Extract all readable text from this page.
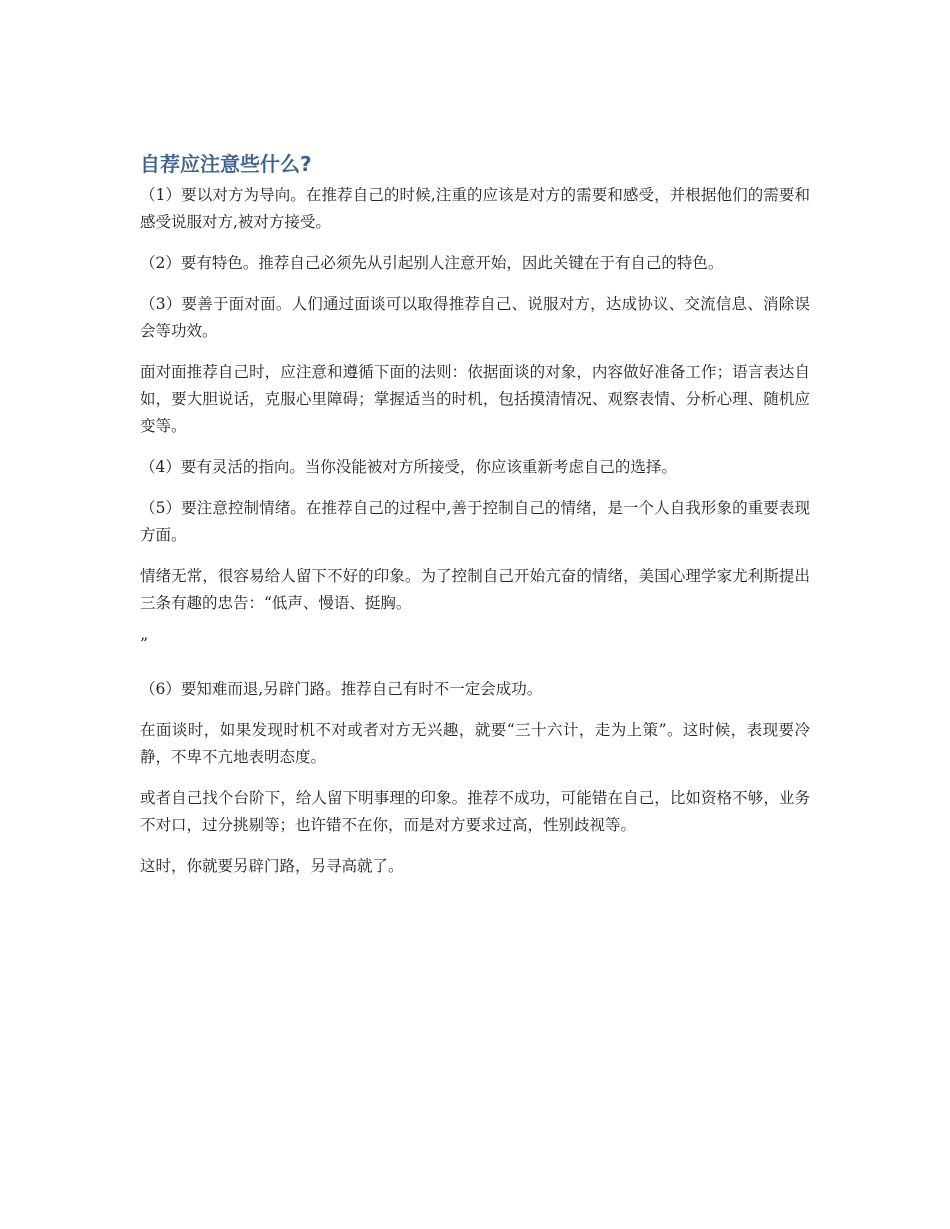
自荐应注意些什么?

（1）要以对方为导向。在推荐自己的时候,注重的应该是对方的需要和感受，并根据他们的需要和感受说服对方,被对方接受。

（2）要有特色。推荐自己必须先从引起别人注意开始，因此关键在于有自己的特色。

（3）要善于面对面。人们通过面谈可以取得推荐自己、说服对方，达成协议、交流信息、消除误会等功效。

面对面推荐自己时，应注意和遵循下面的法则：依据面谈的对象，内容做好准备工作；语言表达自如，要大胆说话，克服心里障碍；掌握适当的时机，包括摸清情况、观察表情、分析心理、随机应变等。

（4）要有灵活的指向。当你没能被对方所接受，你应该重新考虑自己的选择。

（5）要注意控制情绪。在推荐自己的过程中,善于控制自己的情绪，是一个人自我形象的重要表现方面。

情绪无常，很容易给人留下不好的印象。为了控制自己开始亢奋的情绪，美国心理学家尤利斯提出三条有趣的忠告：“低声、慢语、挺胸。

”

（6）要知难而退,另辟门路。推荐自己有时不一定会成功。

在面谈时，如果发现时机不对或者对方无兴趣，就要“三十六计，走为上策”。这时候，表现要冷静，不卑不亢地表明态度。

或者自己找个台阶下，给人留下明事理的印象。推荐不成功，可能错在自己，比如资格不够，业务不对口，过分挑剔等；也许错不在你，而是对方要求过高，性别歧视等。

这时，你就要另辟门路，另寻高就了。
